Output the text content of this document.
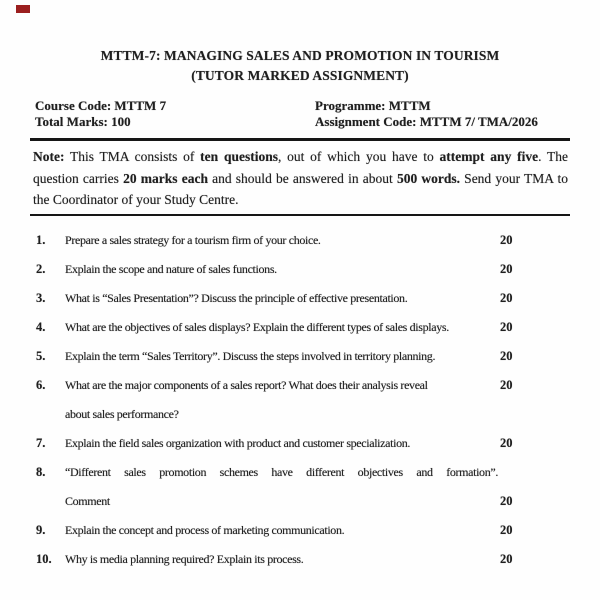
MTTM-7: MANAGING SALES AND PROMOTION IN TOURISM
(TUTOR MARKED ASSIGNMENT)
Course Code: MTTM 7
Total Marks: 100
Programme: MTTM
Assignment Code: MTTM 7/ TMA/2026
Note: This TMA consists of ten questions, out of which you have to attempt any five. The question carries 20 marks each and should be answered in about 500 words. Send your TMA to the Coordinator of your Study Centre.
1.	Prepare a sales strategy for a tourism firm of your choice.	20
2.	Explain the scope and nature of sales functions.	20
3.	What is “Sales Presentation”? Discuss the principle of effective presentation.	20
4.	What are the objectives of sales displays? Explain the different types of sales displays.	20
5.	Explain the term “Sales Territory”. Discuss the steps involved in territory planning.	20
6.	What are the major components of a sales report? What does their analysis reveal	20
about sales performance?
7.	Explain the field sales organization with product and customer specialization.	20
8.	“Different sales promotion schemes have different objectives and formation”.
Comment	20
9.	Explain the concept and process of marketing communication.	20
10.	Why is media planning required? Explain its process.	20
